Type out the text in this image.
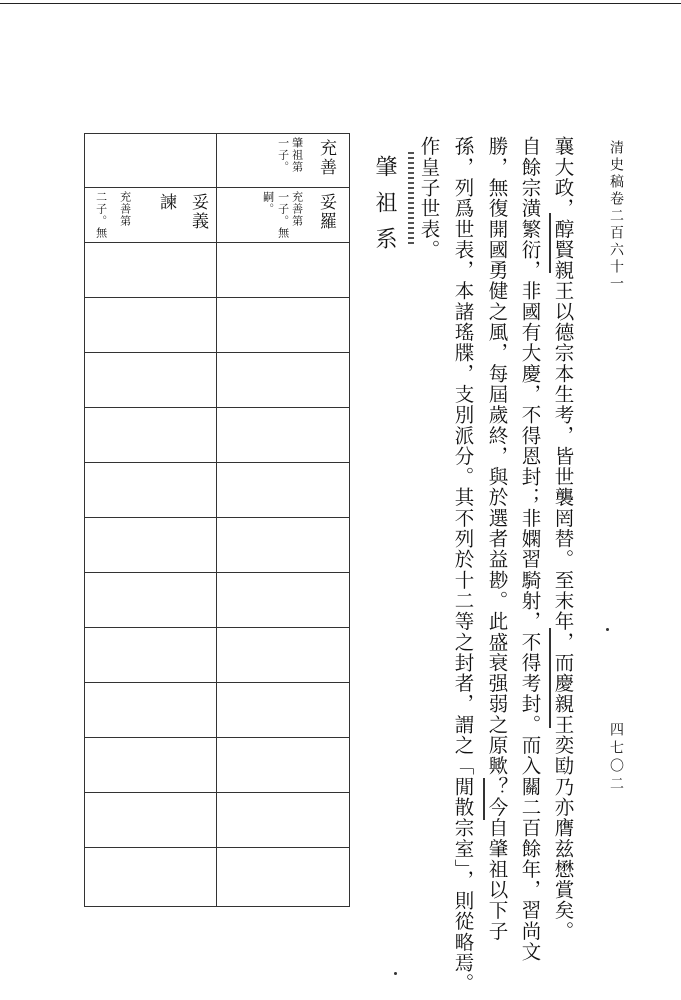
清史稿卷二百六十一
四七〇二
襄大政，醇賢親王以德宗本生考，皆世襲罔替。至末年，而慶親王奕劻乃亦膺兹懋賞矣。
自餘宗潢繁衍，非國有大慶，不得恩封；非嫻習騎射，不得考封。而入關二百餘年，習尚文
勝，無復開國勇健之風，每屆歲終，與於選者益尠。此盛衰强弱之原歟？今自肇祖以下子
孫，列爲世表，本諸瑤牒，支別派分。其不列於十二等之封者，謂之「閒散宗室」，則從略焉。
作皇子世表。
肇祖系
充善
肇祖第
一子。
妥羅
充善第
一子。無
嗣。
妥義
充善第
二子。無	諫
